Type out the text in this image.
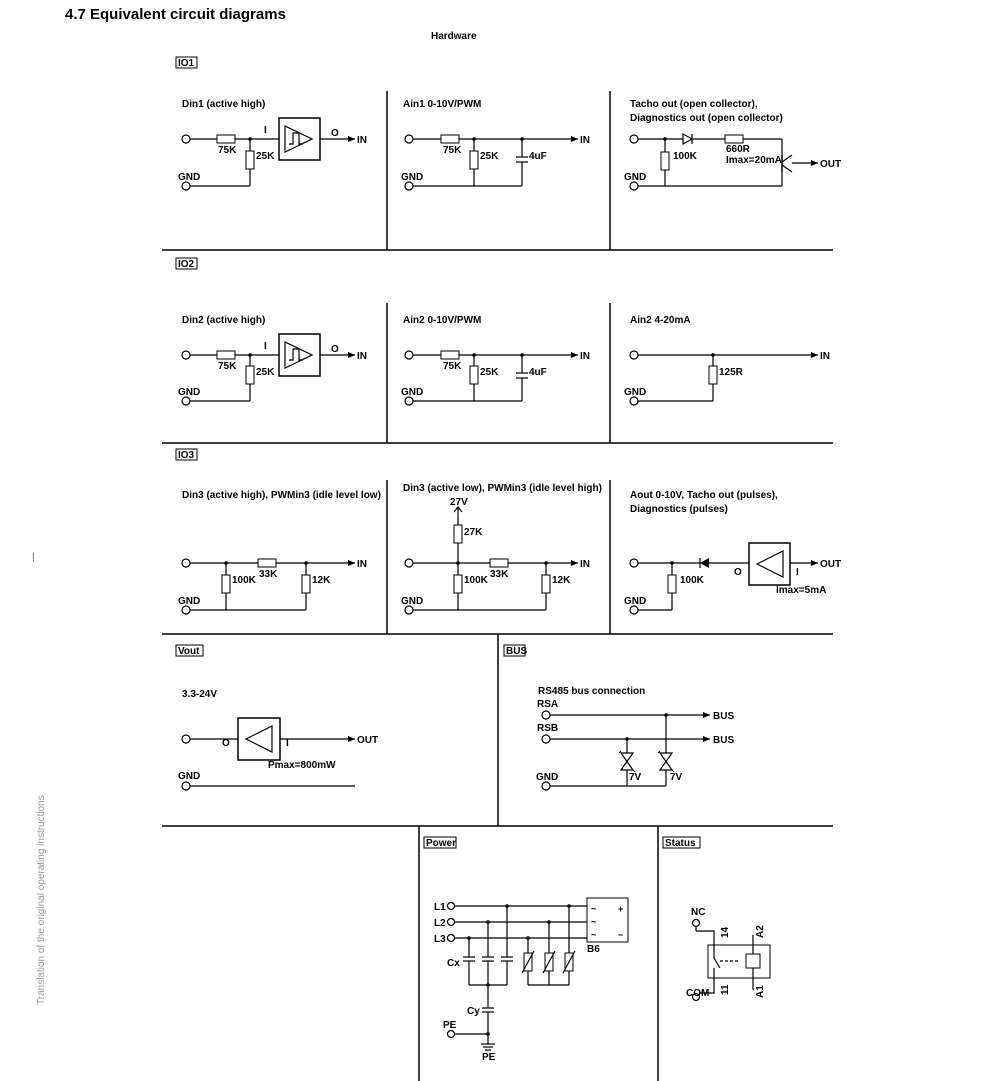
4.7 Equivalent circuit diagrams
Hardware
|
Translation of the original operating instructions
IO1
IO2
IO3
Vout	BUS
Power	Status
Din1 (active high)
75K
25K
I	O
IN
GND
Ain1 0-10V/PWM
75K
25K	4uF
IN
GND
Tacho out (open collector),
Diagnostics out (open collector)
100K
660R
Imax=20mA	OUT
GND
Din2 (active high)
75K
25K
I	O
IN
GND
Ain2 0-10V/PWM
75K
25K	4uF
IN
GND
Ain2 4-20mA
125R
IN
GND
Din3 (active high), PWMin3 (idle level low)
100K
33K
12K
IN
GND
Din3 (active low), PWMin3 (idle level high)
27V
27K
100K
33K
12K
IN
GND
Aout 0-10V, Tacho out (pulses),
Diagnostics (pulses)
100K
O	I
Imax=5mA
OUT
GND
3.3-24V
O	I
Pmax=800mW
OUT
GND
RS485 bus connection
RSA
RSB
7V	7V
BUS
BUS
GND
L1
L2
L3
~
~
~
+
−
B6
Cx
Cy
PE
PE
NC
COM
14
11
A2
A1
